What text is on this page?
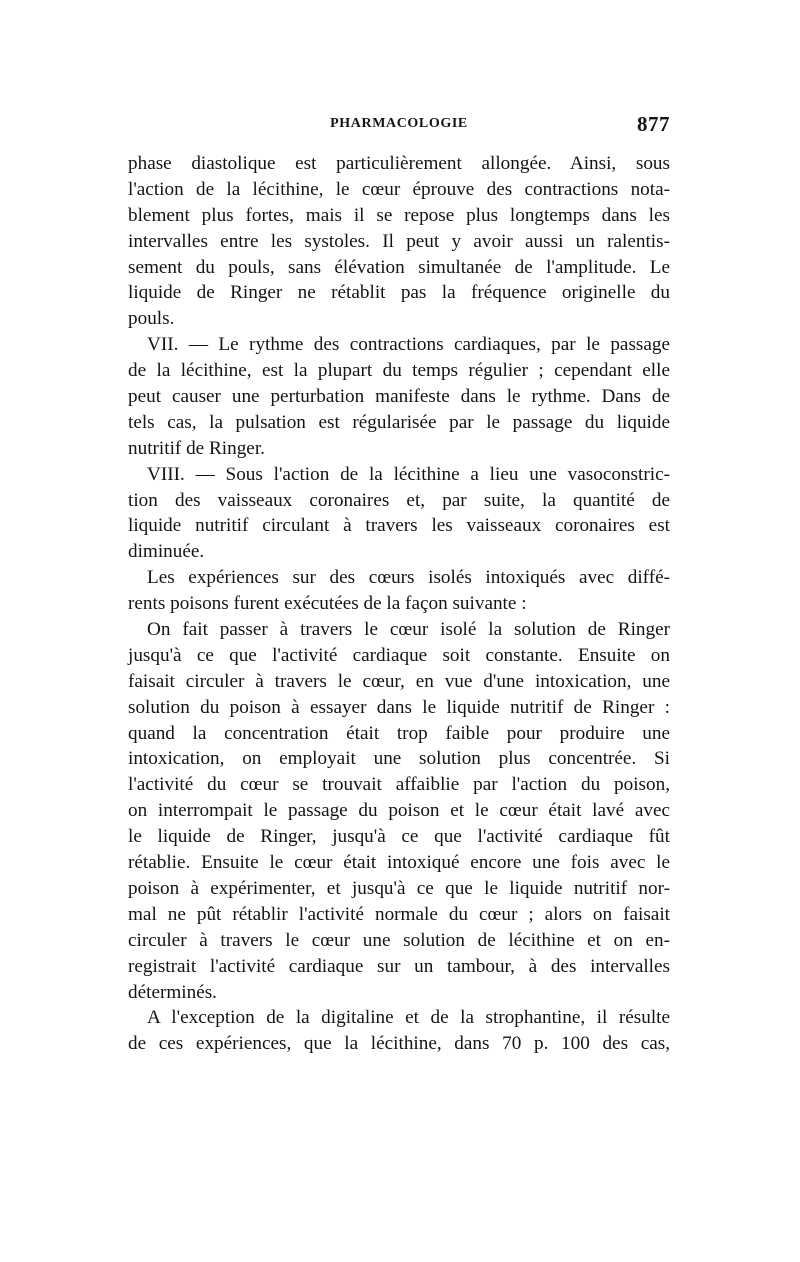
PHARMACOLOGIE	877
phase diastolique est particulièrement allongée. Ainsi, sous
l'action de la lécithine, le cœur éprouve des contractions nota-
blement plus fortes, mais il se repose plus longtemps dans les
intervalles entre les systoles. Il peut y avoir aussi un ralentis-
sement du pouls, sans élévation simultanée de l'amplitude. Le
liquide de Ringer ne rétablit pas la fréquence originelle du
pouls.
VII. — Le rythme des contractions cardiaques, par le passage
de la lécithine, est la plupart du temps régulier ; cependant elle
peut causer une perturbation manifeste dans le rythme. Dans de
tels cas, la pulsation est régularisée par le passage du liquide
nutritif de Ringer.
VIII. — Sous l'action de la lécithine a lieu une vasoconstric-
tion des vaisseaux coronaires et, par suite, la quantité de
liquide nutritif circulant à travers les vaisseaux coronaires est
diminuée.
Les expériences sur des cœurs isolés intoxiqués avec diffé-
rents poisons furent exécutées de la façon suivante :
On fait passer à travers le cœur isolé la solution de Ringer
jusqu'à ce que l'activité cardiaque soit constante. Ensuite on
faisait circuler à travers le cœur, en vue d'une intoxication, une
solution du poison à essayer dans le liquide nutritif de Ringer :
quand la concentration était trop faible pour produire une
intoxication, on employait une solution plus concentrée. Si
l'activité du cœur se trouvait affaiblie par l'action du poison,
on interrompait le passage du poison et le cœur était lavé avec
le liquide de Ringer, jusqu'à ce que l'activité cardiaque fût
rétablie. Ensuite le cœur était intoxiqué encore une fois avec le
poison à expérimenter, et jusqu'à ce que le liquide nutritif nor-
mal ne pût rétablir l'activité normale du cœur ; alors on faisait
circuler à travers le cœur une solution de lécithine et on en-
registrait l'activité cardiaque sur un tambour, à des intervalles
déterminés.
A l'exception de la digitaline et de la strophantine, il résulte
de ces expériences, que la lécithine, dans 70 p. 100 des cas,
